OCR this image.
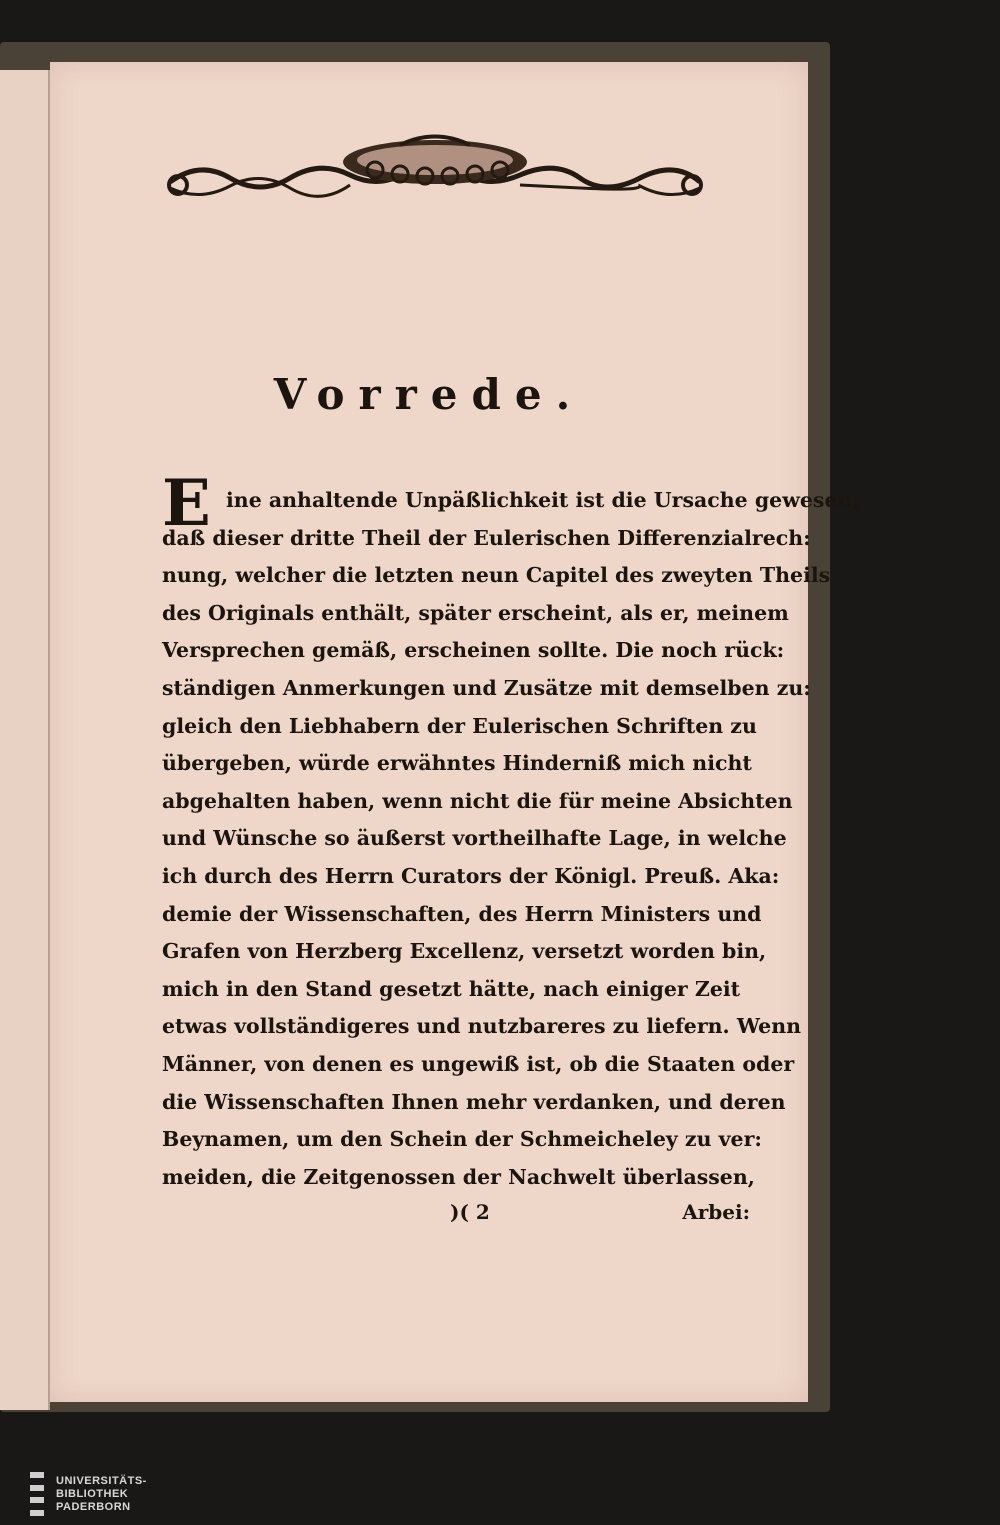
Vorrede.
E ine anhaltende Unpäßlichkeit ist die Ursache gewesen,
daß dieser dritte Theil der Eulerischen Differenzialrech:
nung, welcher die letzten neun Capitel des zweyten Theils
des Originals enthält, später erscheint, als er, meinem
Versprechen gemäß, erscheinen sollte. Die noch rück:
ständigen Anmerkungen und Zusätze mit demselben zu:
gleich den Liebhabern der Eulerischen Schriften zu
übergeben, würde erwähntes Hinderniß mich nicht
abgehalten haben, wenn nicht die für meine Absichten
und Wünsche so äußerst vortheilhafte Lage, in welche
ich durch des Herrn Curators der Königl. Preuß. Aka:
demie der Wissenschaften, des Herrn Ministers und
Grafen von Herzberg Excellenz, versetzt worden bin,
mich in den Stand gesetzt hätte, nach einiger Zeit
etwas vollständigeres und nutzbareres zu liefern. Wenn
Männer, von denen es ungewiß ist, ob die Staaten oder
die Wissenschaften Ihnen mehr verdanken, und deren
Beynamen, um den Schein der Schmeicheley zu ver:
meiden, die Zeitgenossen der Nachwelt überlassen,
)( 2	Arbei:
UNIVERSITÄTS-
BIBLIOTHEK
PADERBORN
